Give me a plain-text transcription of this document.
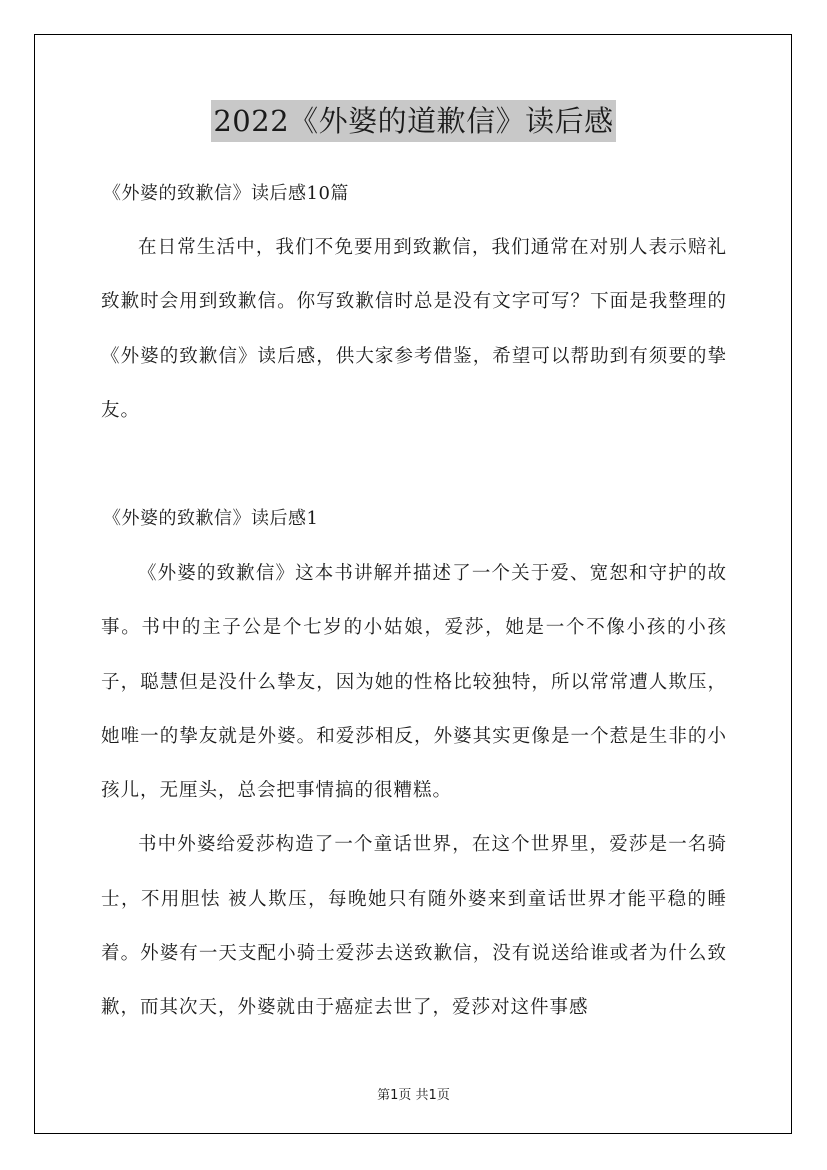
2022《外婆的道歉信》读后感
《外婆的致歉信》读后感10篇

在日常生活中，我们不免要用到致歉信，我们通常在对别人表示赔礼致歉时会用到致歉信。你写致歉信时总是没有文字可写？下面是我整理的《外婆的致歉信》读后感，供大家参考借鉴，希望可以帮助到有须要的挚友。

《外婆的致歉信》读后感1

《外婆的致歉信》这本书讲解并描述了一个关于爱、宽恕和守护的故事。书中的主子公是个七岁的小姑娘，爱莎，她是一个不像小孩的小孩子，聪慧但是没什么挚友，因为她的性格比较独特，所以常常遭人欺压，她唯一的挚友就是外婆。和爱莎相反，外婆其实更像是一个惹是生非的小孩儿，无厘头，总会把事情搞的很糟糕。

书中外婆给爱莎构造了一个童话世界，在这个世界里，爱莎是一名骑士，不用胆怯 被人欺压，每晚她只有随外婆来到童话世界才能平稳的睡着。外婆有一天支配小骑士爱莎去送致歉信，没有说送给谁或者为什么致歉，而其次天，外婆就由于癌症去世了，爱莎对这件事感

第1页 共1页
